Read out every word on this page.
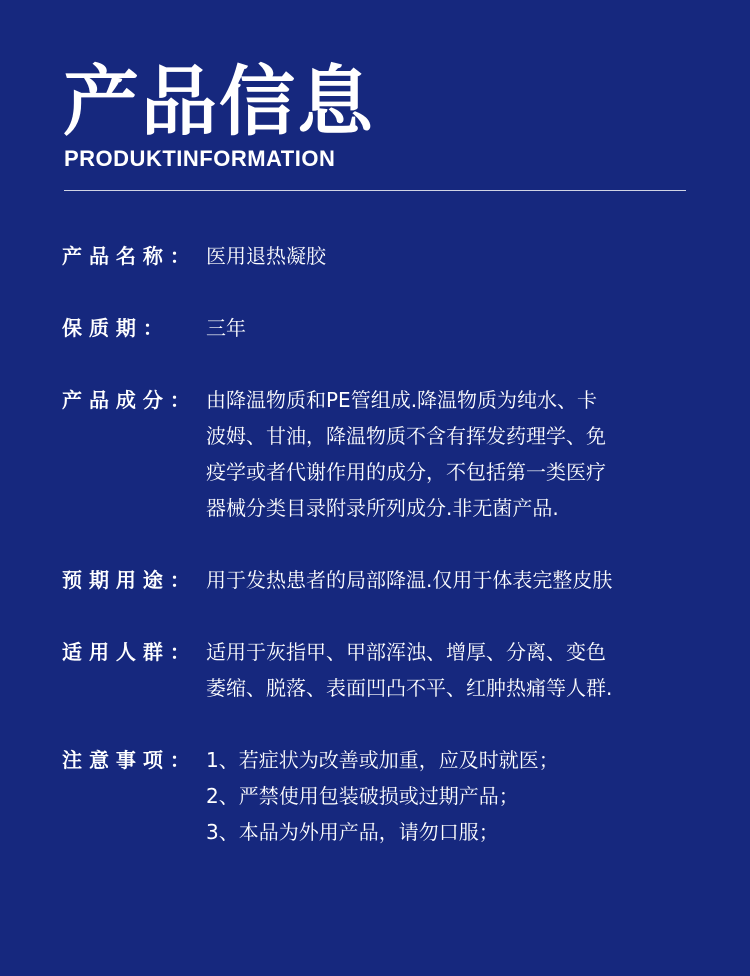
产品信息
PRODUKTINFORMATION
产 品 名 称 ： 医用退热凝胶
保 质 期 ：	三年
产 品 成 分 ： 由降温物质和PE管组成.降温物质为纯水、卡
波姆、甘油，降温物质不含有挥发药理学、免
疫学或者代谢作用的成分，不包括第一类医疗
器械分类目录附录所列成分.非无菌产品.
预 期 用 途 ： 用于发热患者的局部降温.仅用于体表完整皮肤
适 用 人 群 ： 适用于灰指甲、甲部浑浊、增厚、分离、变色
萎缩、脱落、表面凹凸不平、红肿热痛等人群.
注 意 事 项 ： 1、若症状为改善或加重，应及时就医；
2、严禁使用包装破损或过期产品；
3、本品为外用产品，请勿口服；
